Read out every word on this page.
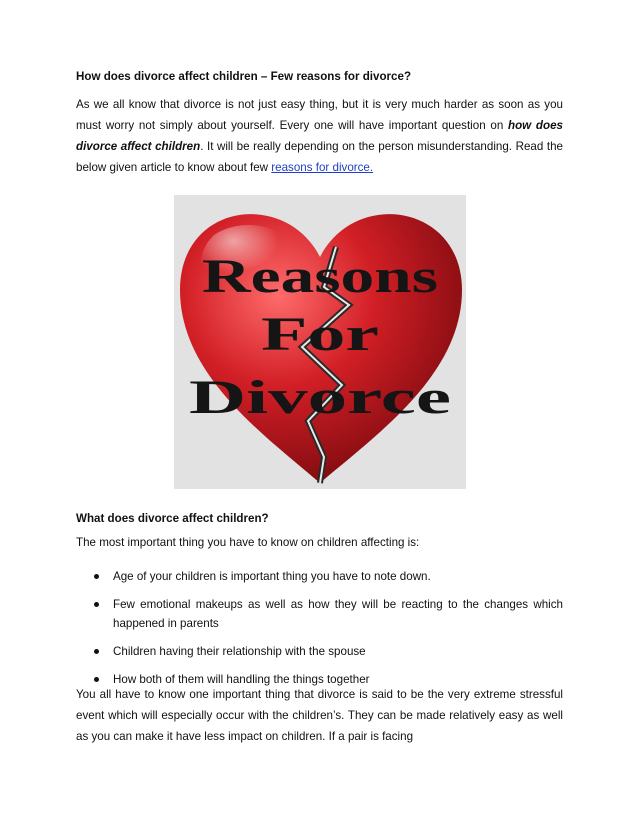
How does divorce affect children – Few reasons for divorce?
As we all know that divorce is not just easy thing, but it is very much harder as soon as you must worry not simply about yourself. Every one will have important question on how does divorce affect children. It will be really depending on the person misunderstanding. Read the below given article to know about few reasons for divorce.
Reasons
For
Divorce
What does divorce affect children?
The most important thing you have to know on children affecting is:
Age of your children is important thing you have to note down.
Few emotional makeups as well as how they will be reacting to the changes which happened in parents
Children having their relationship with the spouse
How both of them will handling the things together
You all have to know one important thing that divorce is said to be the very extreme stressful event which will especially occur with the children’s. They can be made relatively easy as well as you can make it have less impact on children. If a pair is facing
